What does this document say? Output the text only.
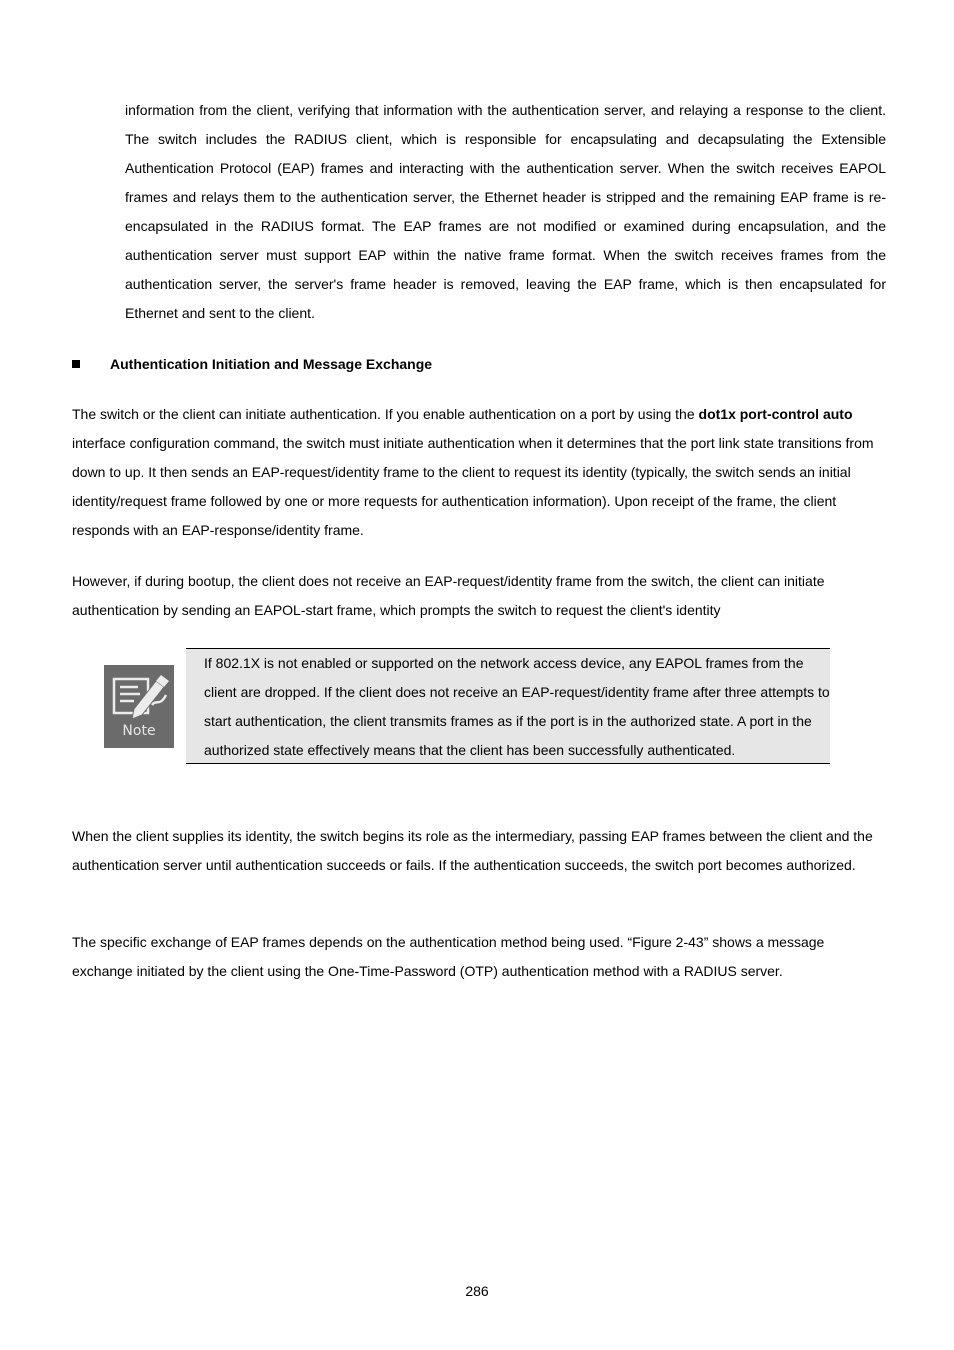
information from the client, verifying that information with the authentication server, and relaying a response to the client. The switch includes the RADIUS client, which is responsible for encapsulating and decapsulating the Extensible Authentication Protocol (EAP) frames and interacting with the authentication server. When the switch receives EAPOL frames and relays them to the authentication server, the Ethernet header is stripped and the remaining EAP frame is re-encapsulated in the RADIUS format. The EAP frames are not modified or examined during encapsulation, and the authentication server must support EAP within the native frame format. When the switch receives frames from the authentication server, the server's frame header is removed, leaving the EAP frame, which is then encapsulated for Ethernet and sent to the client.

Authentication Initiation and Message Exchange

The switch or the client can initiate authentication. If you enable authentication on a port by using the dot1x port-control auto interface configuration command, the switch must initiate authentication when it determines that the port link state transitions from down to up. It then sends an EAP-request/identity frame to the client to request its identity (typically, the switch sends an initial identity/request frame followed by one or more requests for authentication information). Upon receipt of the frame, the client responds with an EAP-response/identity frame.

However, if during bootup, the client does not receive an EAP-request/identity frame from the switch, the client can initiate authentication by sending an EAPOL-start frame, which prompts the switch to request the client's identity

Note

If 802.1X is not enabled or supported on the network access device, any EAPOL frames from the client are dropped. If the client does not receive an EAP-request/identity frame after three attempts to start authentication, the client transmits frames as if the port is in the authorized state. A port in the authorized state effectively means that the client has been successfully authenticated.

When the client supplies its identity, the switch begins its role as the intermediary, passing EAP frames between the client and the authentication server until authentication succeeds or fails. If the authentication succeeds, the switch port becomes authorized.

The specific exchange of EAP frames depends on the authentication method being used. “Figure 2-43” shows a message exchange initiated by the client using the One-Time-Password (OTP) authentication method with a RADIUS server.

286
